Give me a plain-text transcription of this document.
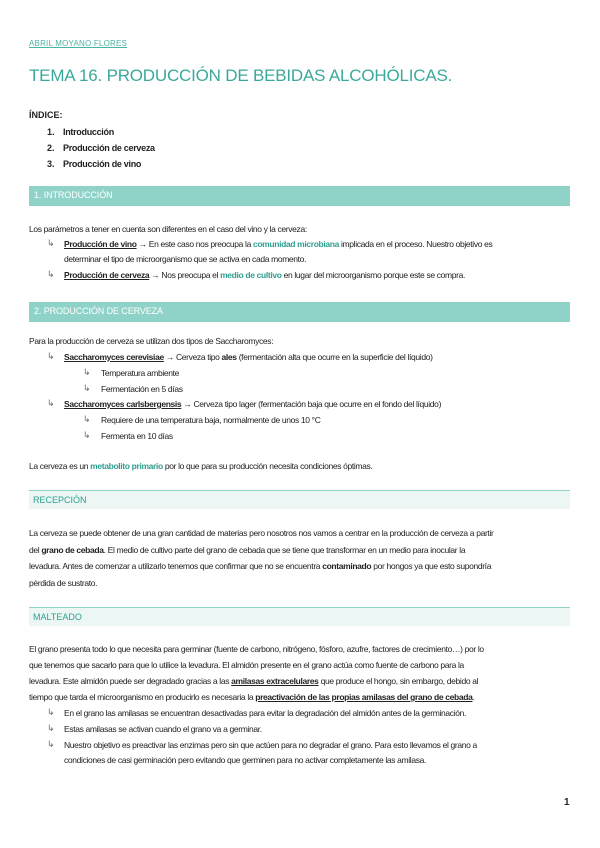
ABRIL MOYANO FLORES
TEMA 16. PRODUCCIÓN DE BEBIDAS ALCOHÓLICAS.
ÍNDICE:
1. Introducción
2. Producción de cerveza
3. Producción de vino
1. INTRODUCCIÓN
Los parámetros a tener en cuenta son diferentes en el caso del vino y la cerveza:
↳ Producción de vino → En este caso nos preocupa la comunidad microbiana implicada en el proceso. Nuestro objetivo es
determinar el tipo de microorganismo que se activa en cada momento.
↳ Producción de cerveza → Nos preocupa el medio de cultivo en lugar del microorganismo porque este se compra.
2. PRODUCCIÓN DE CERVEZA
Para la producción de cerveza se utilizan dos tipos de Saccharomyces:
↳ Saccharomyces cerevisiae → Cerveza tipo ales (fermentación alta que ocurre en la superficie del líquido)
↳ Temperatura ambiente
↳ Fermentación en 5 días
↳ Saccharomyces carlsbergensis → Cerveza tipo lager (fermentación baja que ocurre en el fondo del líquido)
↳ Requiere de una temperatura baja, normalmente de unos 10 °C
↳ Fermenta en 10 días
La cerveza es un metabolito primario por lo que para su producción necesita condiciones óptimas.
RECEPCIÓN
La cerveza se puede obtener de una gran cantidad de materias pero nosotros nos vamos a centrar en la producción de cerveza a partir
del grano de cebada. El medio de cultivo parte del grano de cebada que se tiene que transformar en un medio para inocular la
levadura. Antes de comenzar a utilizarlo tenemos que confirmar que no se encuentra contaminado por hongos ya que esto supondría
pérdida de sustrato.
MALTEADO
El grano presenta todo lo que necesita para germinar (fuente de carbono, nitrógeno, fósforo, azufre, factores de crecimiento…) por lo
que tenemos que sacarlo para que lo utilice la levadura. El almidón presente en el grano actúa como fuente de carbono para la
levadura. Este almidón puede ser degradado gracias a las amilasas extracelulares que produce el hongo, sin embargo, debido al
tiempo que tarda el microorganismo en producirlo es necesaria la preactivación de las propias amilasas del grano de cebada.
↳ En el grano las amilasas se encuentran desactivadas para evitar la degradación del almidón antes de la germinación.
↳ Estas amilasas se activan cuando el grano va a germinar.
↳ Nuestro objetivo es preactivar las enzimas pero sin que actúen para no degradar el grano. Para esto llevamos el grano a
condiciones de casi germinación pero evitando que germinen para no activar completamente las amilasa.
1
